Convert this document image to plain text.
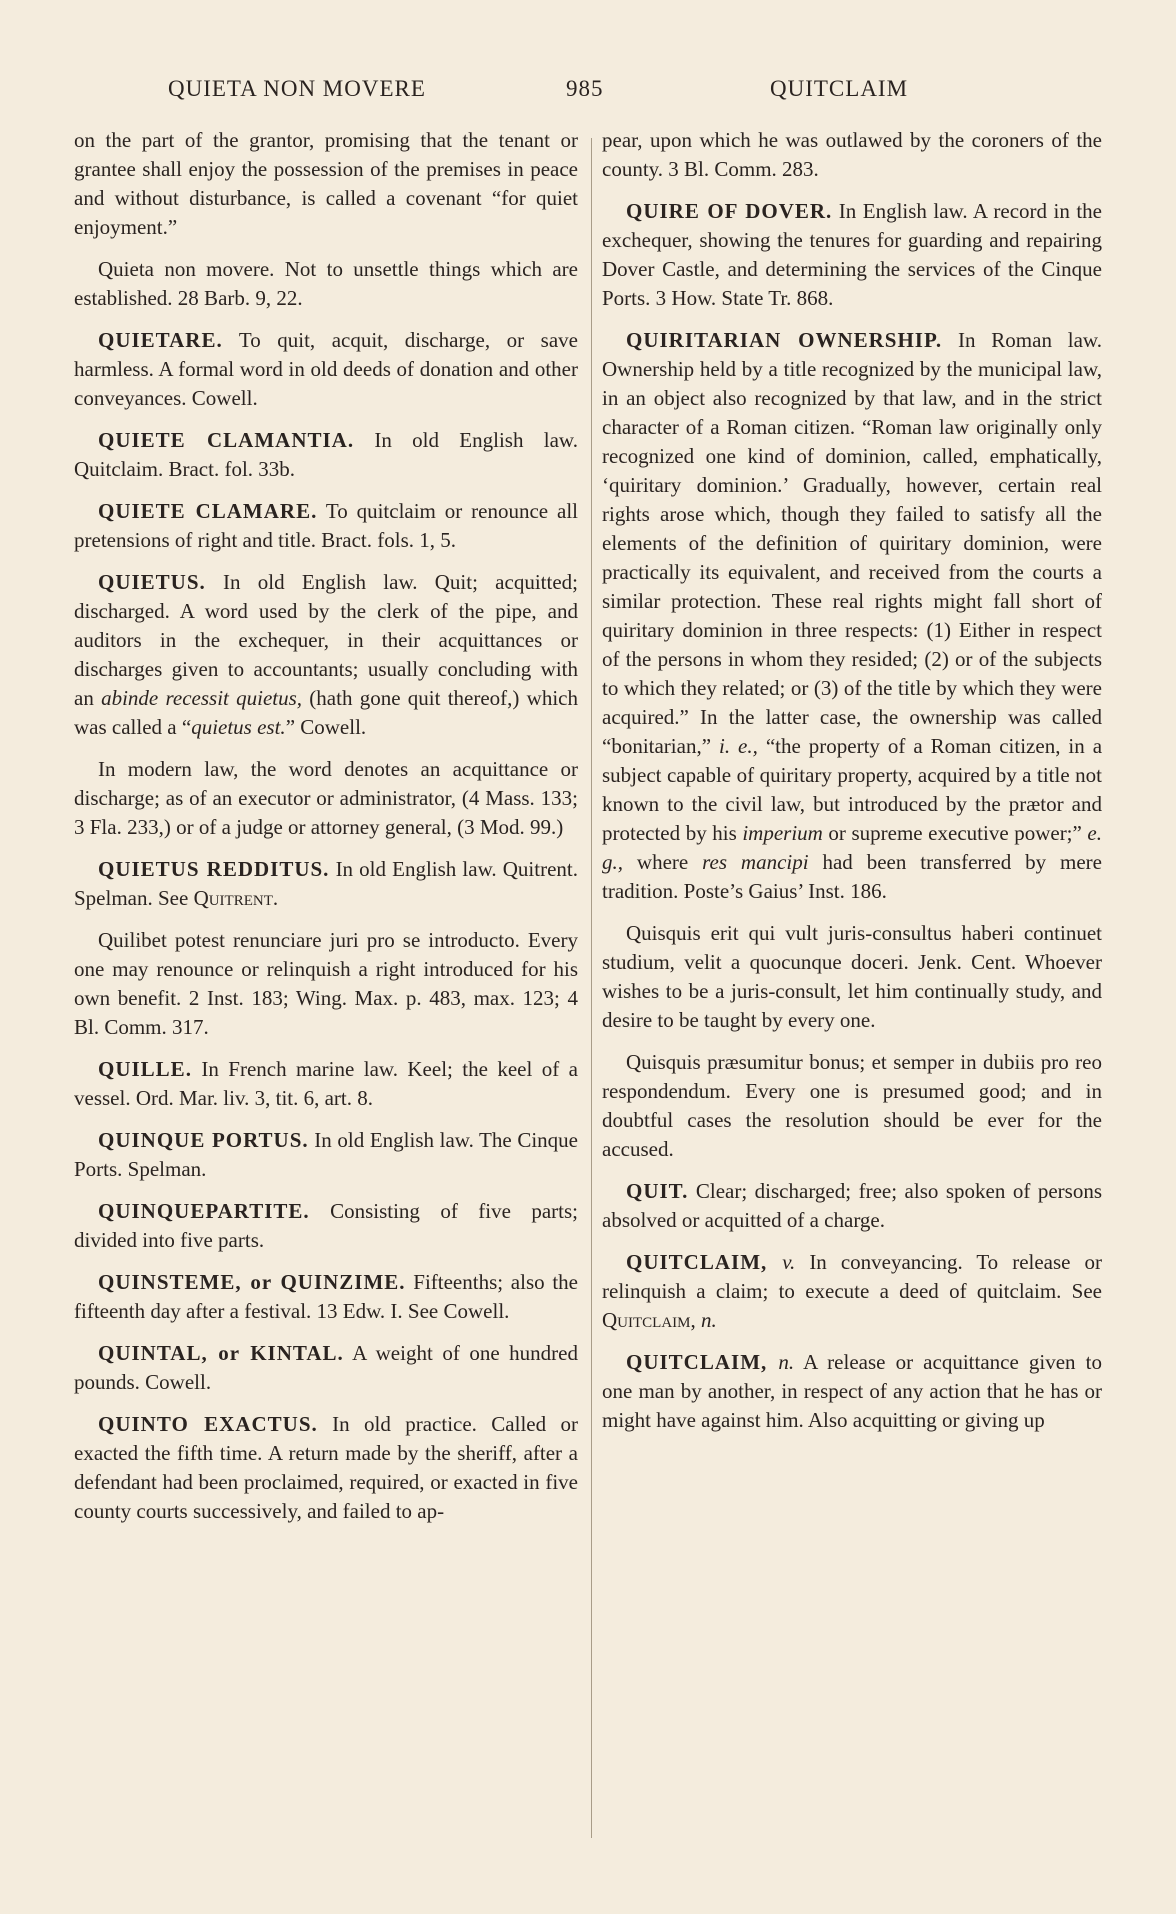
QUIETA NON MOVERE	985	QUITCLAIM

on the part of the grantor, promising that the tenant or grantee shall enjoy the possession of the premises in peace and without disturbance, is called a covenant “for quiet enjoyment.”

Quieta non movere. Not to unsettle things which are established. 28 Barb. 9, 22.

QUIETARE. To quit, acquit, discharge, or save harmless. A formal word in old deeds of donation and other conveyances. Cowell.

QUIETE CLAMANTIA. In old English law. Quitclaim. Bract. fol. 33b.

QUIETE CLAMARE. To quitclaim or renounce all pretensions of right and title. Bract. fols. 1, 5.

QUIETUS. In old English law. Quit; acquitted; discharged. A word used by the clerk of the pipe, and auditors in the exchequer, in their acquittances or discharges given to accountants; usually concluding with an abinde recessit quietus, (hath gone quit thereof,) which was called a “quietus est.” Cowell.

In modern law, the word denotes an acquittance or discharge; as of an executor or administrator, (4 Mass. 133; 3 Fla. 233,) or of a judge or attorney general, (3 Mod. 99.)

QUIETUS REDDITUS. In old English law. Quitrent. Spelman. See Quitrent.

Quilibet potest renunciare juri pro se introducto. Every one may renounce or relinquish a right introduced for his own benefit. 2 Inst. 183; Wing. Max. p. 483, max. 123; 4 Bl. Comm. 317.

QUILLE. In French marine law. Keel; the keel of a vessel. Ord. Mar. liv. 3, tit. 6, art. 8.

QUINQUE PORTUS. In old English law. The Cinque Ports. Spelman.

QUINQUEPARTITE. Consisting of five parts; divided into five parts.

QUINSTEME, or QUINZIME. Fifteenths; also the fifteenth day after a festival. 13 Edw. I. See Cowell.

QUINTAL, or KINTAL. A weight of one hundred pounds. Cowell.

QUINTO EXACTUS. In old practice. Called or exacted the fifth time. A return made by the sheriff, after a defendant had been proclaimed, required, or exacted in five county courts successively, and failed to ap-

pear, upon which he was outlawed by the coroners of the county. 3 Bl. Comm. 283.

QUIRE OF DOVER. In English law. A record in the exchequer, showing the tenures for guarding and repairing Dover Castle, and determining the services of the Cinque Ports. 3 How. State Tr. 868.

QUIRITARIAN OWNERSHIP. In Roman law. Ownership held by a title recognized by the municipal law, in an object also recognized by that law, and in the strict character of a Roman citizen. “Roman law originally only recognized one kind of dominion, called, emphatically, ‘quiritary dominion.’ Gradually, however, certain real rights arose which, though they failed to satisfy all the elements of the definition of quiritary dominion, were practically its equivalent, and received from the courts a similar protection. These real rights might fall short of quiritary dominion in three respects: (1) Either in respect of the persons in whom they resided; (2) or of the subjects to which they related; or (3) of the title by which they were acquired.” In the latter case, the ownership was called “bonitarian,” i. e., “the property of a Roman citizen, in a subject capable of quiritary property, acquired by a title not known to the civil law, but introduced by the prætor and protected by his imperium or supreme executive power;” e. g., where res mancipi had been transferred by mere tradition. Poste’s Gaius’ Inst. 186.

Quisquis erit qui vult juris-consultus haberi continuet studium, velit a quocunque doceri. Jenk. Cent. Whoever wishes to be a juris-consult, let him continually study, and desire to be taught by every one.

Quisquis præsumitur bonus; et semper in dubiis pro reo respondendum. Every one is presumed good; and in doubtful cases the resolution should be ever for the accused.

QUIT. Clear; discharged; free; also spoken of persons absolved or acquitted of a charge.

QUITCLAIM, v. In conveyancing. To release or relinquish a claim; to execute a deed of quitclaim. See Quitclaim, n.

QUITCLAIM, n. A release or acquittance given to one man by another, in respect of any action that he has or might have against him. Also acquitting or giving up
